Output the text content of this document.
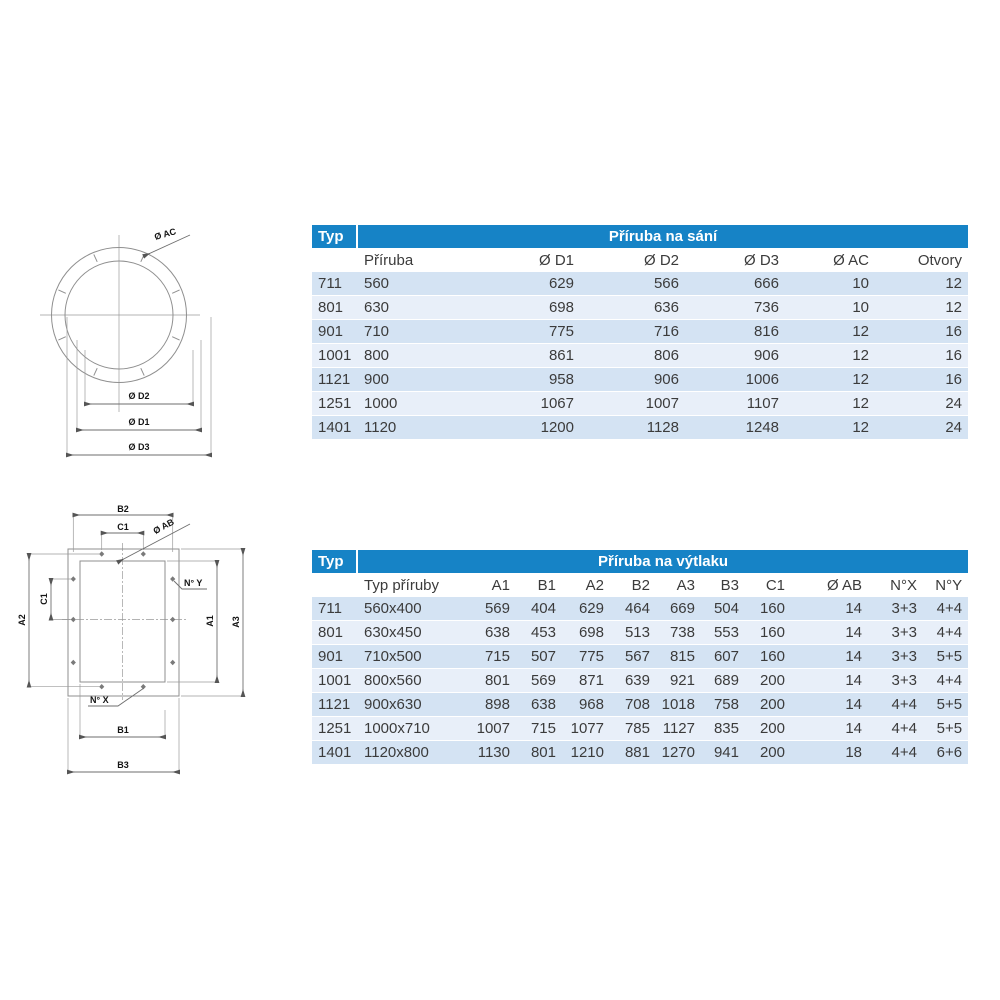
Ø AC
Ø D2
Ø D1
Ø D3
B2
C1	Ø AB
N° Y
A2
C1
A1 A3
N° X
B1
B3
Typ	Příruba na sání					
	Příruba	Ø D1	Ø D2	Ø D3	Ø AC	Otvory
711	560	629	566	666	10	12
801	630	698	636	736	10	12
901	710	775	716	816	12	16
1001	800	861	806	906	12	16
1121	900	958	906	1006	12	16
1251	1000	1067	1007	1107	12	24
1401	1120	1200	1128	1248	12	24
Typ	Příruba na výtlaku										
	Typ příruby	A1	B1	A2	B2	A3	B3	C1	Ø AB	N°X	N°Y
711	560x400	569	404	629	464	669	504	160	14	3+3	4+4
801	630x450	638	453	698	513	738	553	160	14	3+3	4+4
901	710x500	715	507	775	567	815	607	160	14	3+3	5+5
1001	800x560	801	569	871	639	921	689	200	14	3+3	4+4
1121	900x630	898	638	968	708	1018	758	200	14	4+4	5+5
1251	1000x710	1007	715	1077	785	1127	835	200	14	4+4	5+5
1401	1120x800	1130	801	1210	881	1270	941	200	18	4+4	6+6
